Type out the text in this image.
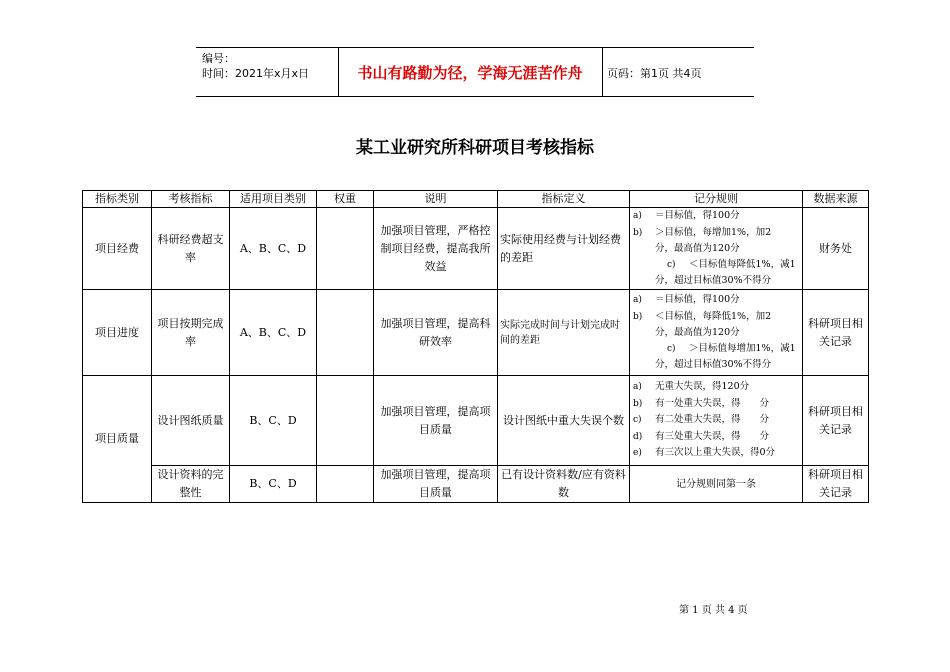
编号：
时间：2021年x月x日	书山有路勤为径，学海无涯苦作舟	页码：第1页 共4页
某工业研究所科研项目考核指标
指标类别	考核指标	适用项目类别	权重	说明	指标定义	记分规则	数据来源
项目经费	科研经费超支率	A、B、C、D		加强项目管理，严格控制项目经费，提高我所效益	实际使用经费与计划经费的差距	a) ＝目标值，得100分
b) ＞目标值，每增加1%，加2
分，最高值为120分
c) ＜目标值每降低1%，减1
分，超过目标值30%不得分	财务处
项目进度	项目按期完成率	A、B、C、D		加强项目管理，提高科研效率	实际完成时间与计划完成时间的差距	a) ＝目标值，得100分
b) ＜目标值，每降低1%，加2
分，最高值为120分
c) ＞目标值每增加1%，减1
分，超过目标值30%不得分	科研项目相关记录
项目质量	设计图纸质量	B、C、D		加强项目管理，提高项目质量	设计图纸中重大失误个数	a) 无重大失误，得120分
b) 有一处重大失误，得　　分
c) 有二处重大失误，得　　分
d) 有三处重大失误，得　　分
e) 有三次以上重大失误，得0分	科研项目相关记录
	设计资料的完整性	B、C、D		加强项目管理，提高项目质量	已有设计资料数/应有资料数	记分规则同第一条	科研项目相关记录
第 1 页 共 4 页
